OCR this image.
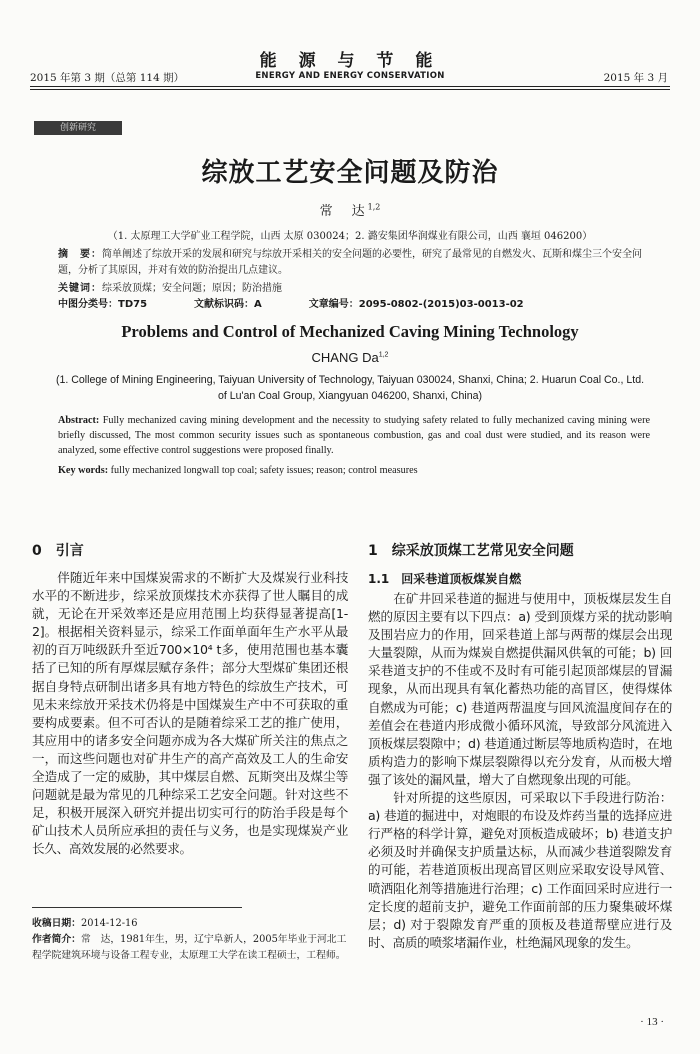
2015 年第 3 期（总第 114 期）
能 源 与 节 能
ENERGY AND ENERGY CONSERVATION	2015 年 3 月
创新研究
综放工艺安全问题及防治
常　达$^{1,2}$
（1. 太原理工大学矿业工程学院，山西 太原 030024；2. 潞安集团华润煤业有限公司，山西 襄垣 046200）
摘　要：简单阐述了综放开采的发展和研究与综放开采相关的安全问题的必要性，研究了最常见的自燃发火、瓦斯和煤尘三个安全问题，分析了其原因，并对有效的防治提出几点建议。
关键词：综采放顶煤；安全问题；原因；防治措施
中图分类号：TD75	文献标识码：A	文章编号：2095-0802-(2015)03-0013-02
Problems and Control of Mechanized Caving Mining Technology
CHANG Da$^{1,2}$
(1. College of Mining Engineering, Taiyuan University of Technology, Taiyuan 030024, Shanxi, China; 2. Huarun Coal Co., Ltd.
of Lu'an Coal Group, Xiangyuan 046200, Shanxi, China)
Abstract: Fully mechanized caving mining development and the necessity to studying safety related to fully mechanized caving mining were briefly discussed, The most common security issues such as spontaneous combustion, gas and coal dust were studied, and its reason were analyzed, some effective control suggestions were proposed finally.
Key words: fully mechanized longwall top coal; safety issues; reason; control measures
0　引言

伴随近年来中国煤炭需求的不断扩大及煤炭行业科技水平的不断进步，综采放顶煤技术亦获得了世人瞩目的成就，无论在开采效率还是应用范围上均获得显著提高[1-2]。根据相关资料显示，综采工作面单面年生产水平从最初的百万吨级跃升至近700×10⁴ t多，使用范围也基本囊括了已知的所有厚煤层赋存条件；部分大型煤矿集团还根据自身特点研制出诸多具有地方特色的综放生产技术，可见未来综放开采技术仍将是中国煤炭生产中不可获取的重要构成要素。但不可否认的是随着综采工艺的推广使用，其应用中的诸多安全问题亦成为各大煤矿所关注的焦点之一，而这些问题也对矿井生产的高产高效及工人的生命安全造成了一定的威胁，其中煤层自燃、瓦斯突出及煤尘等问题就是最为常见的几种综采工艺安全问题。针对这些不足，积极开展深入研究并提出切实可行的防治手段是每个矿山技术人员所应承担的责任与义务，也是实现煤炭产业长久、高效发展的必然要求。

收稿日期：2014-12-16
作者简介：常　达，1981年生，男，辽宁阜新人，2005年毕业于河北工程学院建筑环境与设备工程专业，太原理工大学在读工程硕士，工程师。
1　综采放顶煤工艺常见安全问题
1.1　回采巷道顶板煤炭自燃

在矿井回采巷道的掘进与使用中，顶板煤层发生自燃的原因主要有以下四点：a) 受到顶煤方采的扰动影响及围岩应力的作用，回采巷道上部与两帮的煤层会出现大量裂隙，从而为煤炭自燃提供漏风供氧的可能；b) 回采巷道支护的不佳或不及时有可能引起顶部煤层的冒漏现象，从而出现具有氧化蓄热功能的高冒区，使得煤体自燃成为可能；c) 巷道两帮温度与回风流温度间存在的差值会在巷道内形成微小循环风流，导致部分风流进入顶板煤层裂隙中；d) 巷道通过断层等地质构造时，在地质构造力的影响下煤层裂隙得以充分发育，从而极大增强了该处的漏风量，增大了自燃现象出现的可能。

针对所提的这些原因，可采取以下手段进行防治：a) 巷道的掘进中，对炮眼的布设及炸药当量的选择应进行严格的科学计算，避免对顶板造成破坏；b) 巷道支护必须及时并确保支护质量达标，从而减少巷道裂隙发育的可能，若巷道顶板出现高冒区则应采取安设导风管、喷洒阻化剂等措施进行治理；c) 工作面回采时应进行一定长度的超前支护，避免工作面前部的压力聚集破坏煤层；d) 对于裂隙发育严重的顶板及巷道帮壁应进行及时、高质的喷浆堵漏作业，杜绝漏风现象的发生。

· 13 ·
